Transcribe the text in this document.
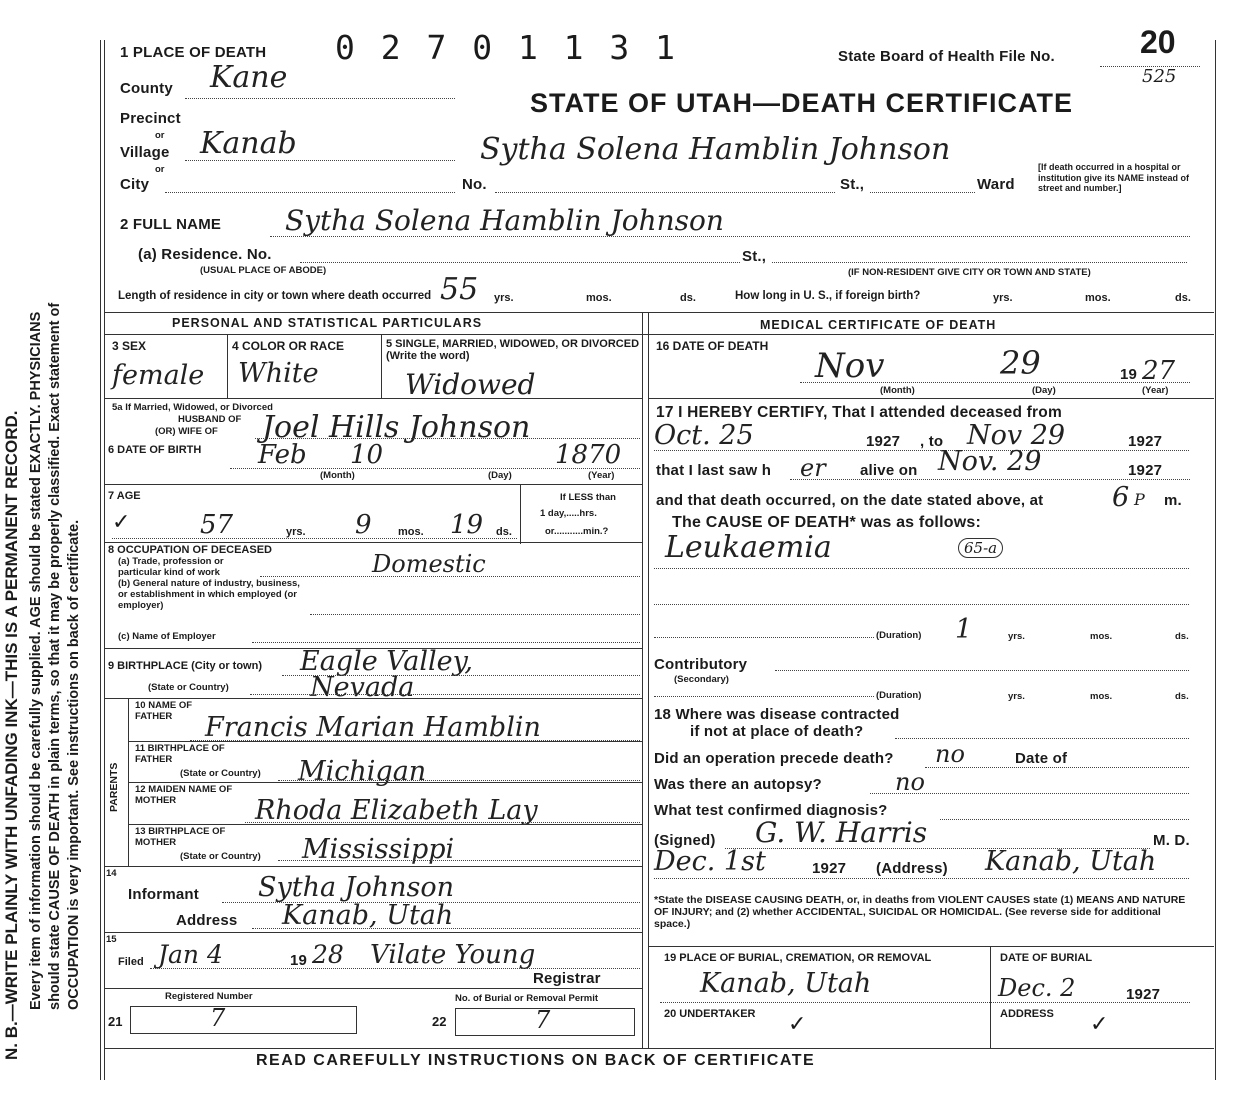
N. B.—WRITE PLAINLY WITH UNFADING INK—THIS IS A PERMANENT RECORD. Every item of information should be carefully supplied. AGE should be stated EXACTLY. PHYSICIANS should state CAUSE OF DEATH in plain terms, so that it may be properly classified. Exact statement of OCCUPATION is very important. See instructions on back of certificate.
1 PLACE OF DEATH 0 2 7 0 1 1 3 1	State Board of Health File No.	20
525
STATE OF UTAH—DEATH CERTIFICATE
Sytha Solena Hamblin Johnson
County Kane
Precinct
or
Village Kanab
or
City	No.	St.,	Ward
[If death occurred in a hospital or institution give its NAME instead of street and number.]
2 FULL NAME Sytha Solena Hamblin Johnson
(a) Residence. No.	St.,
(USUAL PLACE OF ABODE)	(IF NON-RESIDENT GIVE CITY OR TOWN AND STATE)
Length of residence in city or town where death occurred 55 yrs.	mos.	ds.	How long in U. S., if foreign birth?	yrs.	mos.	ds.
PERSONAL AND STATISTICAL PARTICULARS	MEDICAL CERTIFICATE OF DEATH
3 SEX
female
4 COLOR OR RACE
White
5 SINGLE, MARRIED, WIDOWED, OR DIVORCED (Write the word)
Widowed
5a If Married, Widowed, or Divorced
HUSBAND OF
(OR) WIFE OF Joel Hills Johnson
6 DATE OF BIRTH Feb 10	1870
(Month)	(Day)	(Year)
7 AGE
✓	57	yrs. 9 mos. 19 ds.
If LESS than
1 day,.....hrs.
or...........min.?
8 OCCUPATION OF DECEASED
(a) Trade, profession or particular kind of work
(b) General nature of industry, business, or establishment in which employed (or employer)
Domestic
(c) Name of Employer
9 BIRTHPLACE (City or town) Eagle Valley,
(State or Country)	Nevada
PARENTS
10 NAME OF FATHER	Francis Marian Hamblin
11 BIRTHPLACE OF FATHER
(State or Country) Michigan
12 MAIDEN NAME OF MOTHER	Rhoda Elizabeth Lay
13 BIRTHPLACE OF MOTHER
(State or Country) Mississippi
14
Informant Sytha Johnson
Address Kanab, Utah
15
Filed Jan 4	19 28 Vilate Young
Registrar
Registered Number	No. of Burial or Removal Permit
21	7	22	7
16 DATE OF DEATH Nov	29	19 27
(Month)	(Day)	(Year)
17 I HEREBY CERTIFY, That I attended deceased from
Oct. 25	1927 , to Nov 29	1927
that I last saw h er alive on Nov. 29	1927
and that death occurred, on the date stated above, at	6 P m.
The CAUSE OF DEATH* was as follows:
Leukaemia	65-a
(Duration) 1	yrs.	mos.	ds.
Contributory
(Secondary)
(Duration)	yrs.	mos.	ds.
18 Where was disease contracted
if not at place of death?
Did an operation precede death? no	Date of
Was there an autopsy?	no
What test confirmed diagnosis?
(Signed) G. W. Harris	M. D.
Dec. 1st	1927 (Address) Kanab, Utah
*State the DISEASE CAUSING DEATH, or, in deaths from VIOLENT CAUSES state (1) MEANS AND NATURE OF INJURY; and (2) whether ACCIDENTAL, SUICIDAL OR HOMICIDAL. (See reverse side for additional space.)
19 PLACE OF BURIAL, CREMATION, OR REMOVAL
Kanab, Utah
DATE OF BURIAL
Dec. 2	1927
20 UNDERTAKER ✓	ADDRESS ✓
READ CAREFULLY INSTRUCTIONS ON BACK OF CERTIFICATE
